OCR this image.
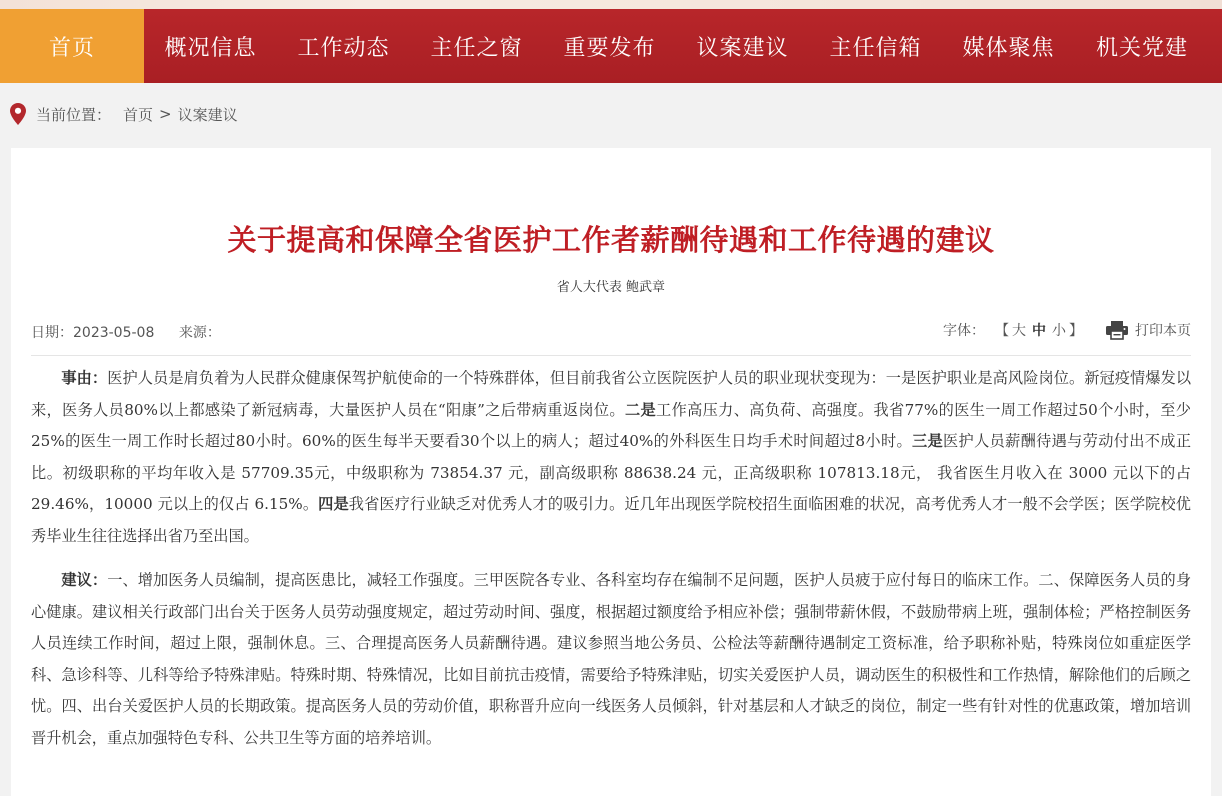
首页	概况信息	工作动态	主任之窗	重要发布	议案建议	主任信箱	媒体聚焦	机关党建
当前位置： 首页 > 议案建议
关于提高和保障全省医护工作者薪酬待遇和工作待遇的建议
省人大代表 鲍武章
日期：2023-05-08 来源：	字体： 【 大 中 小 】	打印本页

事由：医护人员是肩负着为人民群众健康保驾护航使命的一个特殊群体，但目前我省公立医院医护人员的职业现状变现为：一是医护职业是高风险岗位。新冠疫情爆发以来，医务人员80%以上都感染了新冠病毒，大量医护人员在“阳康”之后带病重返岗位。二是工作高压力、高负荷、高强度。我省77%的医生一周工作超过50个小时，至少25%的医生一周工作时长超过80小时。60%的医生每半天要看30个以上的病人；超过40%的外科医生日均手术时间超过8小时。三是医护人员薪酬待遇与劳动付出不成正比。初级职称的平均年收入是 57709.35元，中级职称为 73854.37 元，副高级职称 88638.24 元，正高级职称 107813.18元， 我省医生月收入在 3000 元以下的占 29.46%，10000 元以上的仅占 6.15%。四是我省医疗行业缺乏对优秀人才的吸引力。近几年出现医学院校招生面临困难的状况，高考优秀人才一般不会学医；医学院校优秀毕业生往往选择出省乃至出国。

建议：一、增加医务人员编制，提高医患比，减轻工作强度。三甲医院各专业、各科室均存在编制不足问题，医护人员疲于应付每日的临床工作。二、保障医务人员的身心健康。建议相关行政部门出台关于医务人员劳动强度规定，超过劳动时间、强度，根据超过额度给予相应补偿；强制带薪休假，不鼓励带病上班，强制体检；严格控制医务人员连续工作时间，超过上限，强制休息。三、合理提高医务人员薪酬待遇。建议参照当地公务员、公检法等薪酬待遇制定工资标准，给予职称补贴，特殊岗位如重症医学科、急诊科等、儿科等给予特殊津贴。特殊时期、特殊情况，比如目前抗击疫情，需要给予特殊津贴，切实关爱医护人员，调动医生的积极性和工作热情，解除他们的后顾之忧。四、出台关爱医护人员的长期政策。提高医务人员的劳动价值，职称晋升应向一线医务人员倾斜，针对基层和人才缺乏的岗位，制定一些有针对性的优惠政策，增加培训晋升机会，重点加强特色专科、公共卫生等方面的培养培训。
